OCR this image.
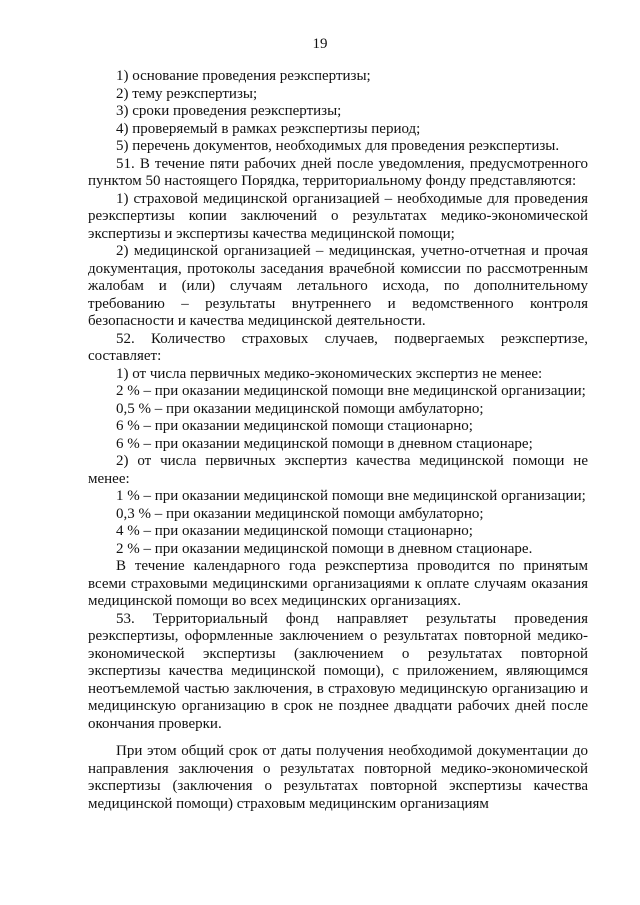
19

1) основание проведения реэкспертизы;

2) тему реэкспертизы;

3) сроки проведения реэкспертизы;

4) проверяемый в рамках реэкспертизы период;

5) перечень документов, необходимых для проведения реэкспертизы.

51. В течение пяти рабочих дней после уведомления, предусмотренного пунктом 50 настоящего Порядка, территориальному фонду представляются:

1) страховой медицинской организацией – необходимые для проведения реэкспертизы копии заключений о результатах медико-экономической экспертизы и экспертизы качества медицинской помощи;

2) медицинской организацией – медицинская, учетно-отчетная и прочая документация, протоколы заседания врачебной комиссии по рассмотренным жалобам и (или) случаям летального исхода, по дополнительному требованию – результаты внутреннего и ведомственного контроля безопасности и качества медицинской деятельности.

52. Количество страховых случаев, подвергаемых реэкспертизе, составляет:

1) от числа первичных медико-экономических экспертиз не менее:

2 % – при оказании медицинской помощи вне медицинской организации;

0,5 % – при оказании медицинской помощи амбулаторно;

6 % – при оказании медицинской помощи стационарно;

6 % – при оказании медицинской помощи в дневном стационаре;

2) от числа первичных экспертиз качества медицинской помощи не менее:

1 % – при оказании медицинской помощи вне медицинской организации;

0,3 % – при оказании медицинской помощи амбулаторно;

4 % – при оказании медицинской помощи стационарно;

2 % – при оказании медицинской помощи в дневном стационаре.

В течение календарного года реэкспертиза проводится по принятым всеми страховыми медицинскими организациями к оплате случаям оказания медицинской помощи во всех медицинских организациях.

53. Территориальный фонд направляет результаты проведения реэкспертизы, оформленные заключением о результатах повторной медико-экономической экспертизы (заключением о результатах повторной экспертизы качества медицинской помощи), с приложением, являющимся неотъемлемой частью заключения, в страховую медицинскую организацию и медицинскую организацию в срок не позднее двадцати рабочих дней после окончания проверки.

При этом общий срок от даты получения необходимой документации до направления заключения о результатах повторной медико-экономической экспертизы (заключения о результатах повторной экспертизы качества медицинской помощи) страховым медицинским организациям
